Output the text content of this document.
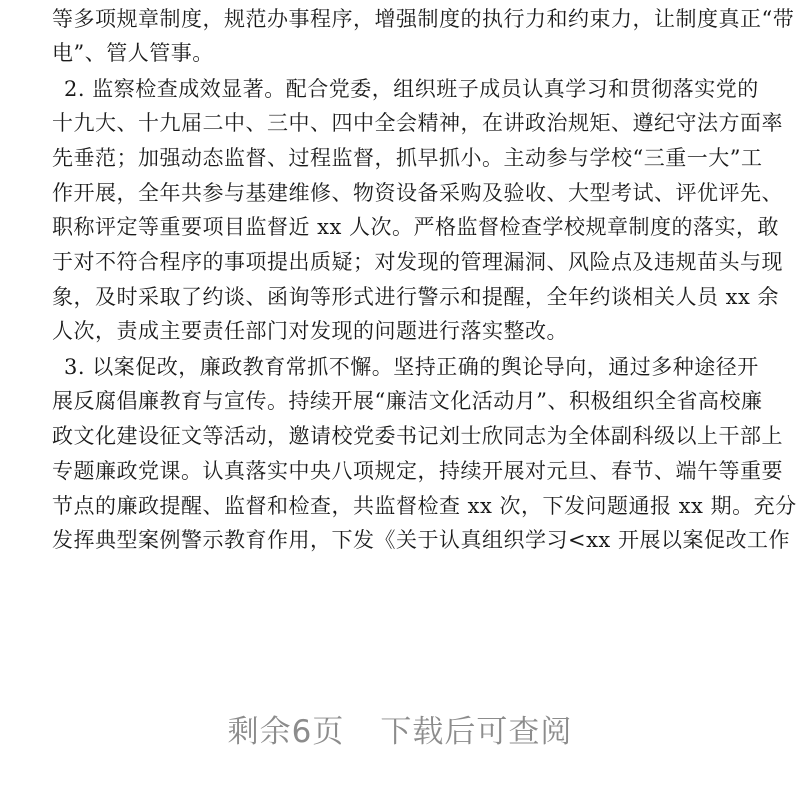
等多项规章制度，规范办事程序，增强制度的执行力和约束力，让制度真正“带
电”、管人管事。
2. 监察检查成效显著。配合党委，组织班子成员认真学习和贯彻落实党的
十九大、十九届二中、三中、四中全会精神，在讲政治规矩、遵纪守法方面率
先垂范；加强动态监督、过程监督，抓早抓小。主动参与学校“三重一大”工
作开展，全年共参与基建维修、物资设备采购及验收、大型考试、评优评先、
职称评定等重要项目监督近 xx 人次。严格监督检查学校规章制度的落实，敢
于对不符合程序的事项提出质疑；对发现的管理漏洞、风险点及违规苗头与现
象，及时采取了约谈、函询等形式进行警示和提醒，全年约谈相关人员 xx 余
人次，责成主要责任部门对发现的问题进行落实整改。
3. 以案促改，廉政教育常抓不懈。坚持正确的舆论导向，通过多种途径开
展反腐倡廉教育与宣传。持续开展“廉洁文化活动月”、积极组织全省高校廉
政文化建设征文等活动，邀请校党委书记刘士欣同志为全体副科级以上干部上
专题廉政党课。认真落实中央八项规定，持续开展对元旦、春节、端午等重要
节点的廉政提醒、监督和检查，共监督检查 xx 次，下发问题通报 xx 期。充分
发挥典型案例警示教育作用，下发《关于认真组织学习<xx 开展以案促改工作
剩余6页 下载后可查阅
